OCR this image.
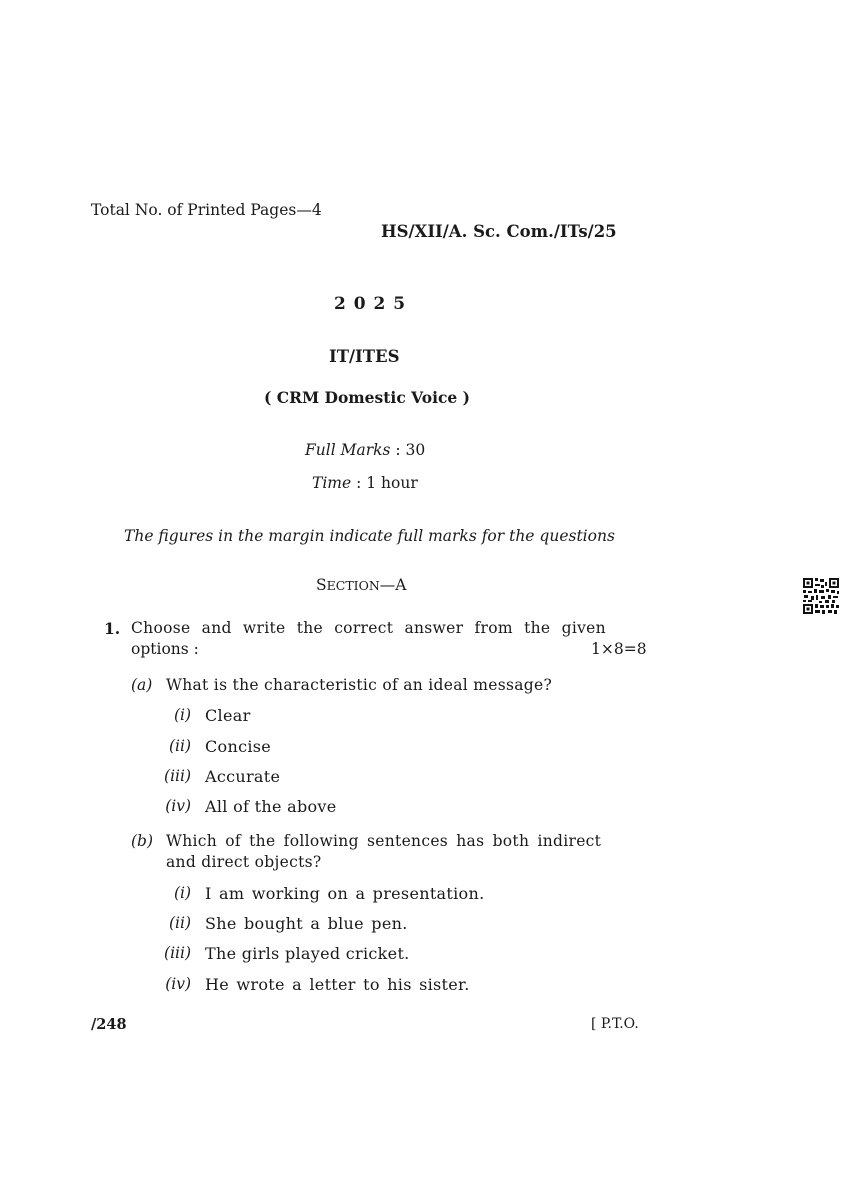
Total No. of Printed Pages—4
HS/XII/A. Sc. Com./ITs/25
2 0 2 5
IT/ITES
( CRM Domestic Voice )
Full Marks : 30
Time : 1 hour
The figures in the margin indicate full marks for the questions
SECTION—A
1. Choose and write the correct answer from the given
options :	1×8=8
(a) What is the characteristic of an ideal message?
(i) Clear
(ii) Concise
(iii) Accurate
(iv) All of the above
(b) Which of the following sentences has both indirect
and direct objects?
(i) I am working on a presentation.
(ii) She bought a blue pen.
(iii) The girls played cricket.
(iv) He wrote a letter to his sister.
/248	[ P.T.O.
